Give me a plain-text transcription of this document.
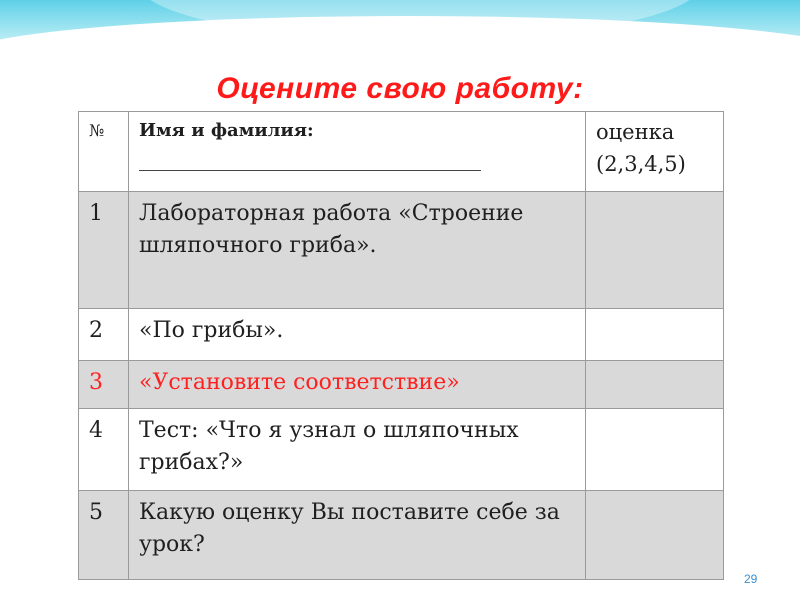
Оцените свою работу:
№	Имя и фамилия:	оценка (2,3,4,5)
1	Лабораторная работа «Строение шляпочного гриба».	
2	«По грибы».	
3	«Установите соответствие»	
4	Тест: «Что я узнал о шляпочных грибах?»	
5	Какую оценку Вы поставите себе за урок?	
29
